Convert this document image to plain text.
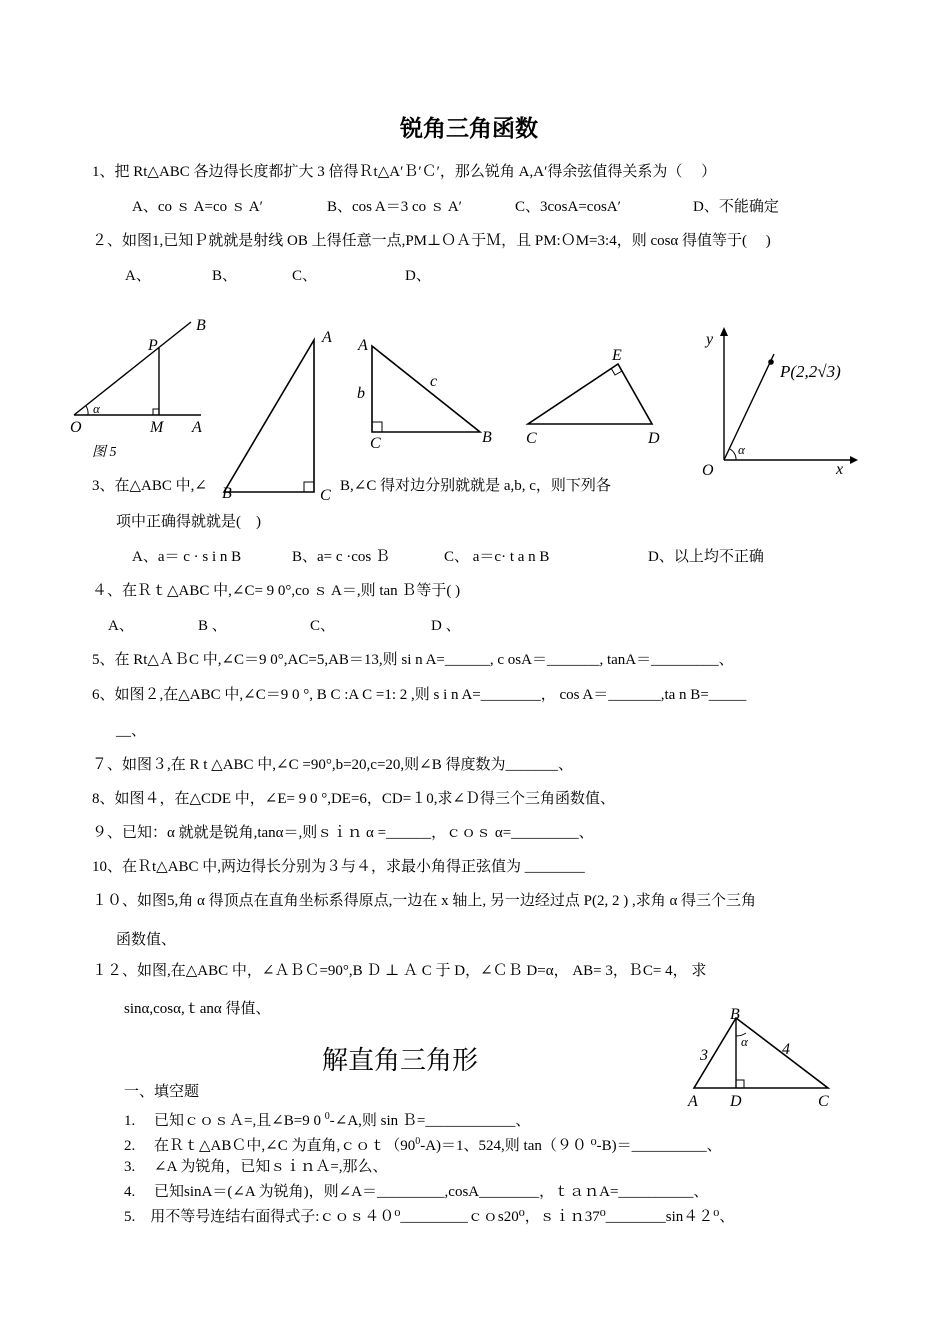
锐角三角函数
1、把 Rt△ABC 各边得长度都扩大 3 倍得Ｒt△A′Ｂ′Ｃ′，那么锐角 A,A′得余弦值得关系为（　 ）
A、co ｓ A=co ｓ A′	B、cos A＝3 co ｓ A′	C、3cosA=cosA′	D、不能确定
２、如图1,已知Ｐ就就是射线 OB 上得任意一点,PM⊥ＯＡ于Ｍ，且 PM:ＯM=3:4，则 cosα 得值等于(　 )
A、	B、	C、	D、
B
P
O	M A
α
图 5
A
B	C
A
b
c
C	B
E
C	D
y
x
O
P(2,2√3)
α
3、在△ABC 中,∠	B,∠C 得对边分别就就是 a,b, c，则下列各
项中正确得就就是(　)
A、a＝ c · s i n B	B、a= c ·cos Ｂ	C、 a＝c· t a n B	D、以上均不正确
４、在Ｒｔ△ABC 中,∠C= 9 0°,co ｓ A＝,则 tan Ｂ等于( )
A、	B 、	C、	D 、
5、在 Rt△ＡＢC 中,∠C＝9 0°,AC=5,AB＝13,则 si n A=______, c osA＝_______, tanA＝_________、
6、如图２,在△ABC 中,∠C＝9 0 °, B C :A C =1: 2 ,则 s i n A=________， cos A＝_______,ta n B=_____
__、
７、如图３,在 R t △ABC 中,∠C =90°,b=20,c=20,则∠B 得度数为_______、
8、如图４，在△CDE 中，∠E= 9 0 °,DE=6，CD=１0,求∠Ｄ得三个三角函数值、
９、已知：α 就就是锐角,tanα＝,则ｓｉｎ α =______，ｃｏｓ α=_________、
10、在Ｒt△ABC 中,两边得长分别为３与４，求最小角得正弦值为 ________
１０、如图5,角 α 得顶点在直角坐标系得原点,一边在 x 轴上, 另一边经过点 P(2, 2 ) ,求角 α 得三个三角
函数值、
１２、如图,在△ABC 中，∠ＡＢＣ=90°,B Ｄ ⊥ Ａ C 于 D，∠ＣＢ D=α， AB= 3，ＢC= 4， 求
sinα,cosα,ｔanα 得值、	B
α
3	4
A D	C
解直角三角形
一、填空题
1. 已知ｃｏｓＡ=,且∠B=9 0 $^0$-∠A,则 sin Ｂ=____________、
2. 在Ｒｔ△ABＣ中,∠C 为直角$,cot(90^0-A)=1$、524,则 tan（９０ ⁰-B)＝__________、
3. ∠A 为锐角，已知ｓｉｎＡ=,那么、
4. 已知sinA＝(∠A 为锐角)，则∠A＝_________,cosA________，ｔａｎA=__________、
5. 用不等号连结右面得式子:ｃｏｓ４０⁰_________ｃｏs20⁰，ｓｉｎ37⁰________sin４２⁰、
